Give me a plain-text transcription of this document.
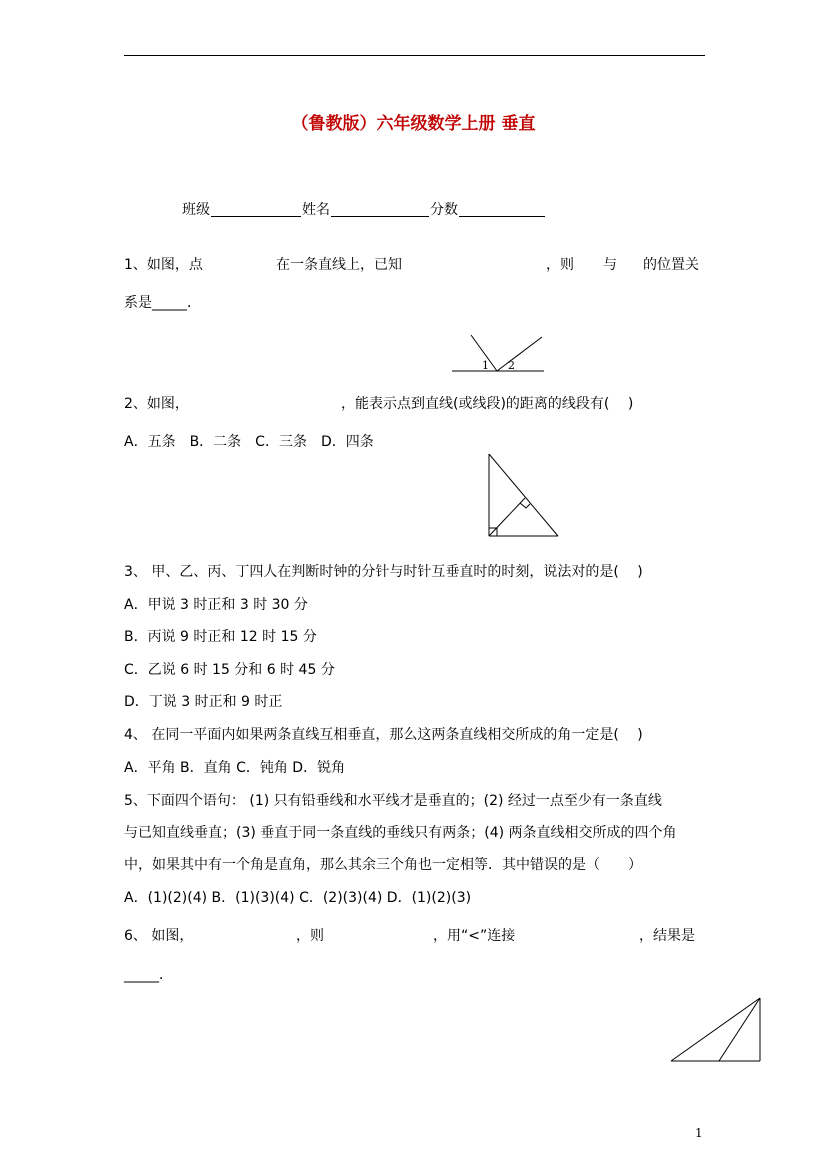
（鲁教版）六年级数学上册 垂直
班级	姓名	分数
1、如图，点	在一条直线上，已知	，则 与 的位置关
系是_____．
1 2
2、如图，	，能表示点到直线(或线段)的距离的线段有(　 )
A．五条　B．二条　C．三条　D．四条
3、 甲、乙、丙、丁四人在判断时钟的分针与时针互垂直时的时刻，说法对的是(　 )
A．甲说 3 时正和 3 时 30 分
B．丙说 9 时正和 12 时 15 分
C．乙说 6 时 15 分和 6 时 45 分
D．丁说 3 时正和 9 时正
4、 在同一平面内如果两条直线互相垂直，那么这两条直线相交所成的角一定是(　 )
A．平角 B．直角 C．钝角 D．锐角
5、下面四个语句： (1) 只有铅垂线和水平线才是垂直的；(2) 经过一点至少有一条直线
与已知直线垂直；(3) 垂直于同一条直线的垂线只有两条；(4) 两条直线相交所成的四个角
中，如果其中有一个角是直角，那么其余三个角也一定相等．其中错误的是（　　）
A．(1)(2)(4) B．(1)(3)(4) C．(2)(3)(4) D．(1)(2)(3)
6、 如图，	，则	，用“<”连接	，结果是
_____．
1
